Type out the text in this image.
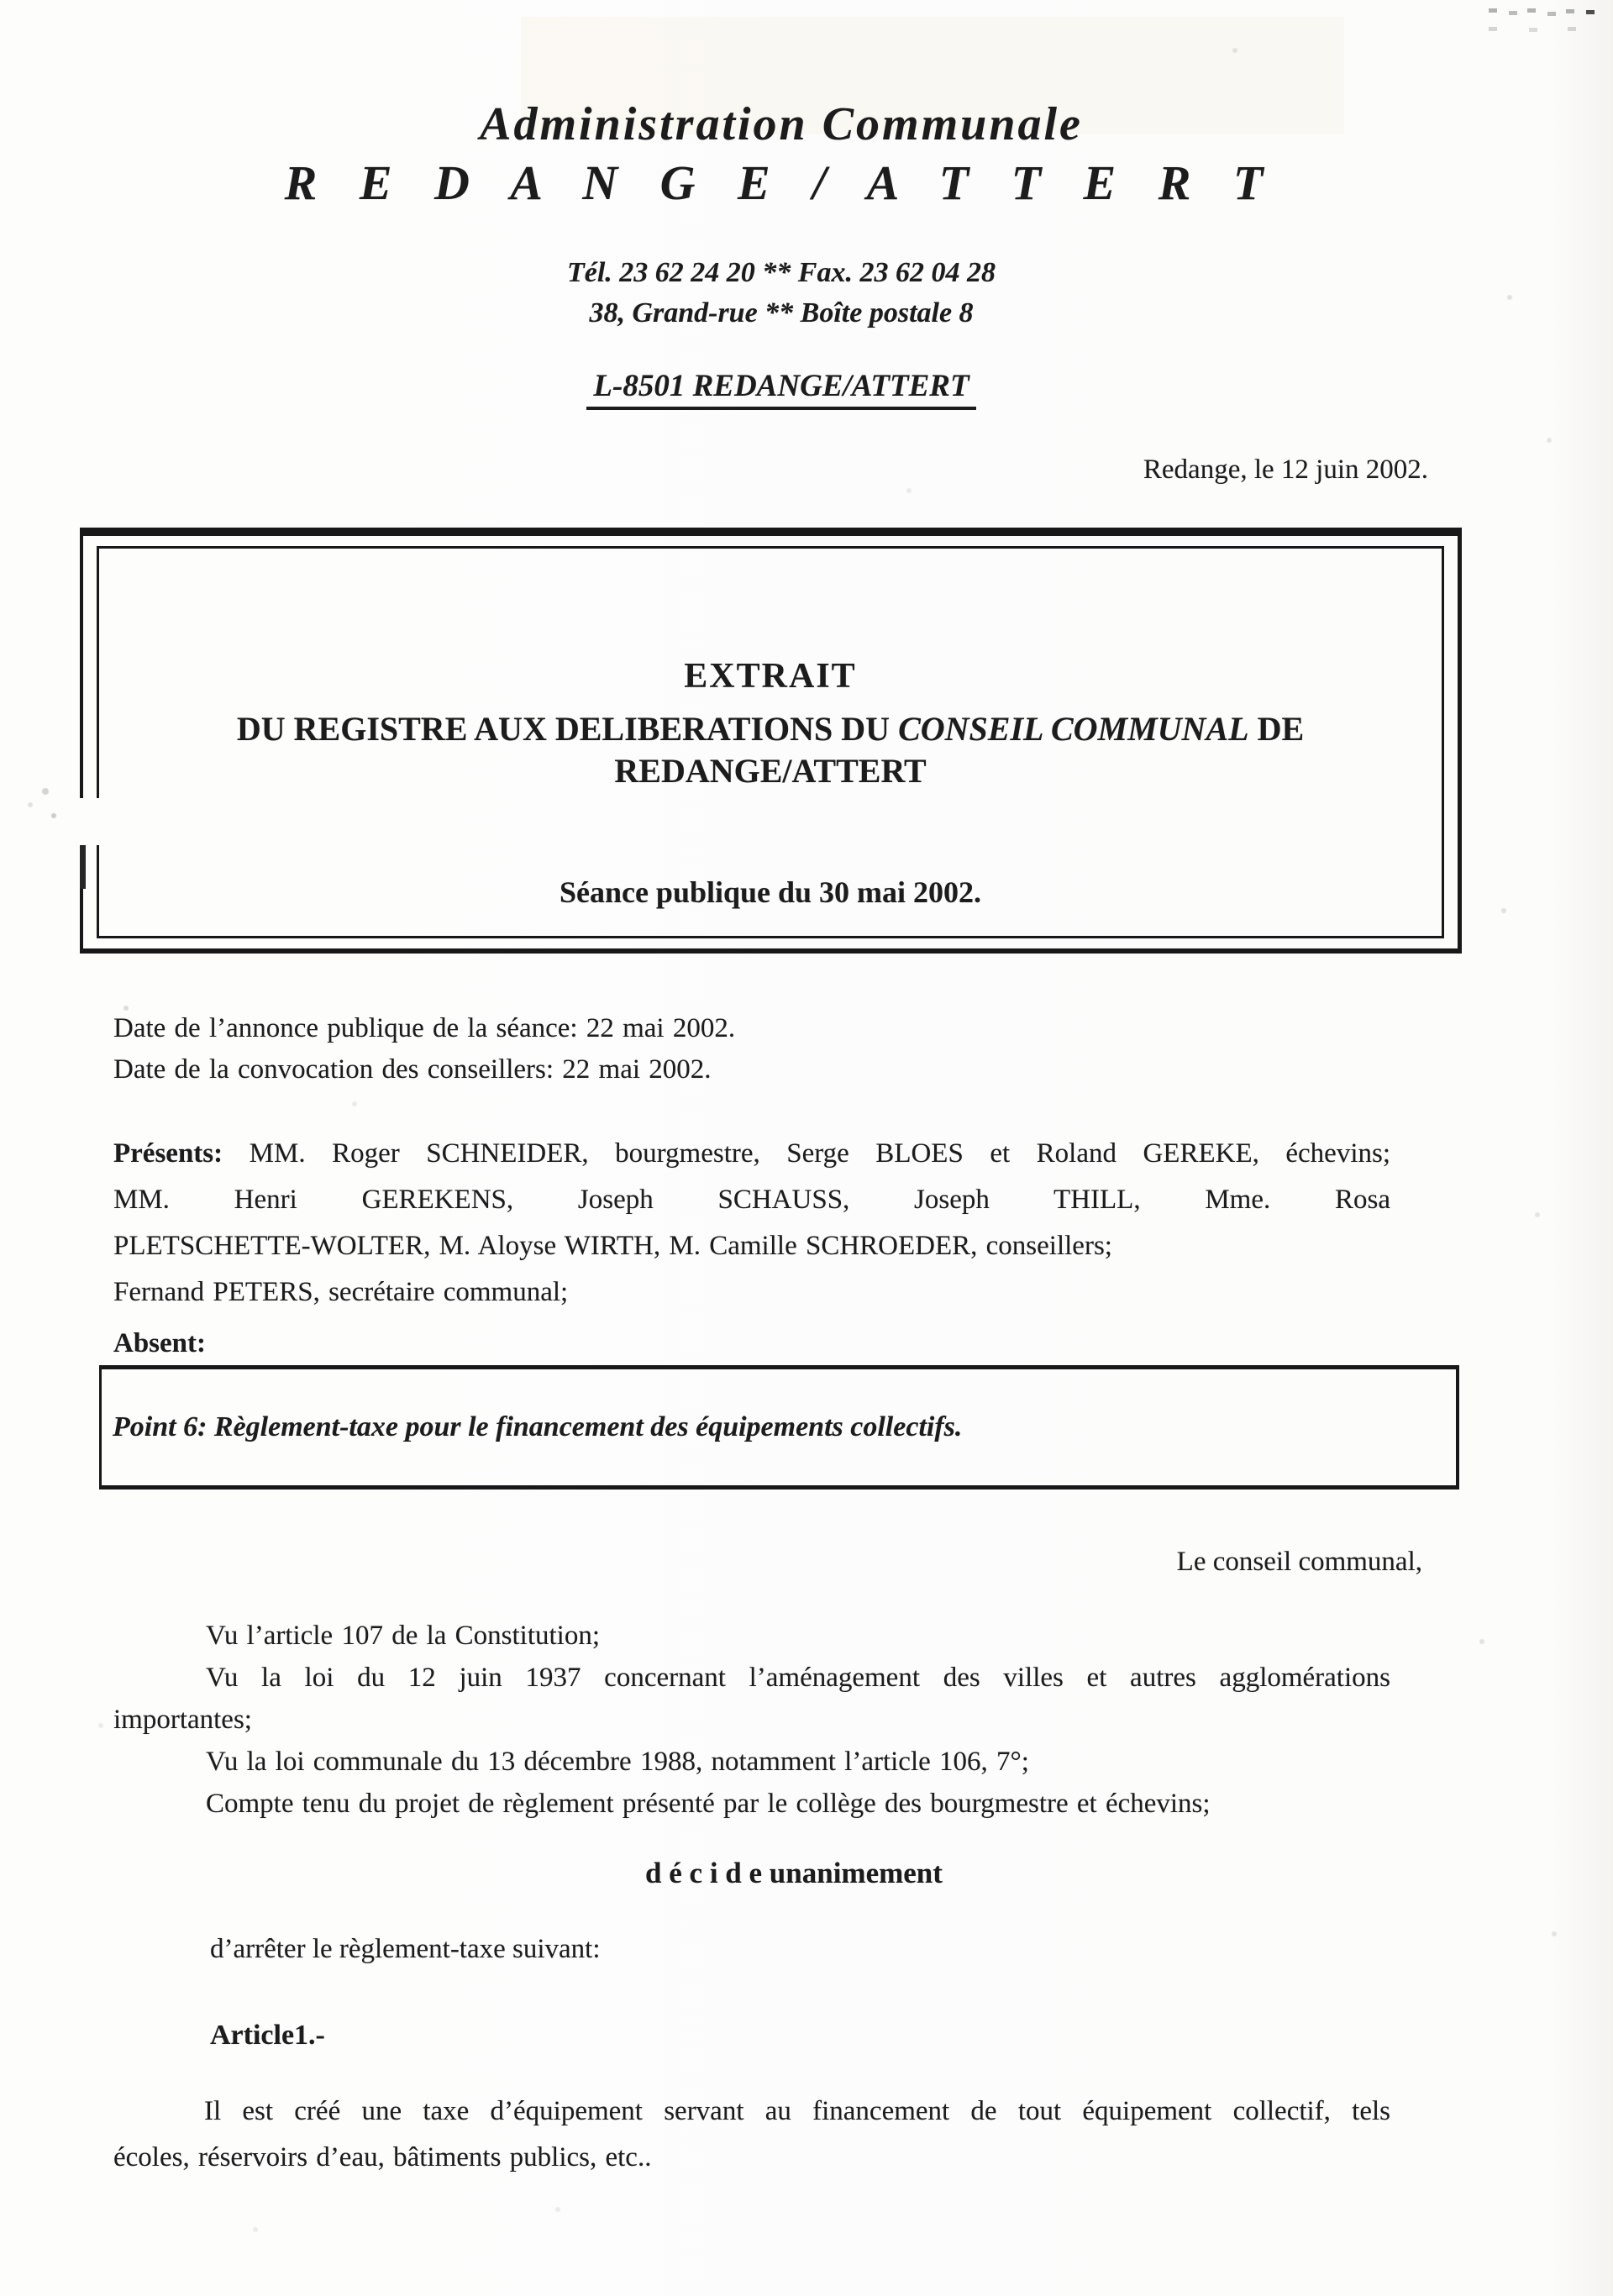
Administration Communale
R E D A N G E / A T T E R T
Tél. 23 62 24 20 ** Fax. 23 62 04 28
38, Grand-rue ** Boîte postale 8
L-8501 REDANGE/ATTERT
Redange, le 12 juin 2002.
EXTRAIT
DU REGISTRE AUX DELIBERATIONS DU CONSEIL COMMUNAL DE
REDANGE/ATTERT
Séance publique du 30 mai 2002.
Date de l’annonce publique de la séance: 22 mai 2002.
Date de la convocation des conseillers: 22 mai 2002.
Présents: MM. Roger SCHNEIDER, bourgmestre, Serge BLOES et Roland GEREKE, échevins;
MM. Henri GEREKENS, Joseph SCHAUSS, Joseph THILL, Mme. Rosa
PLETSCHETTE-WOLTER, M. Aloyse WIRTH, M. Camille SCHROEDER, conseillers;
Fernand PETERS, secrétaire communal;
Absent:
Point 6: Règlement-taxe pour le financement des équipements collectifs.
Le conseil communal,
Vu l’article 107 de la Constitution;
Vu la loi du 12 juin 1937 concernant l’aménagement des villes et autres agglomérations
importantes;
Vu la loi communale du 13 décembre 1988, notamment l’article 106, 7°;
Compte tenu du projet de règlement présenté par le collège des bourgmestre et échevins;
d é c i d e unanimement
d’arrêter le règlement-taxe suivant:
Article1.-
Il est créé une taxe d’équipement servant au financement de tout équipement collectif, tels
écoles, réservoirs d’eau, bâtiments publics, etc..
